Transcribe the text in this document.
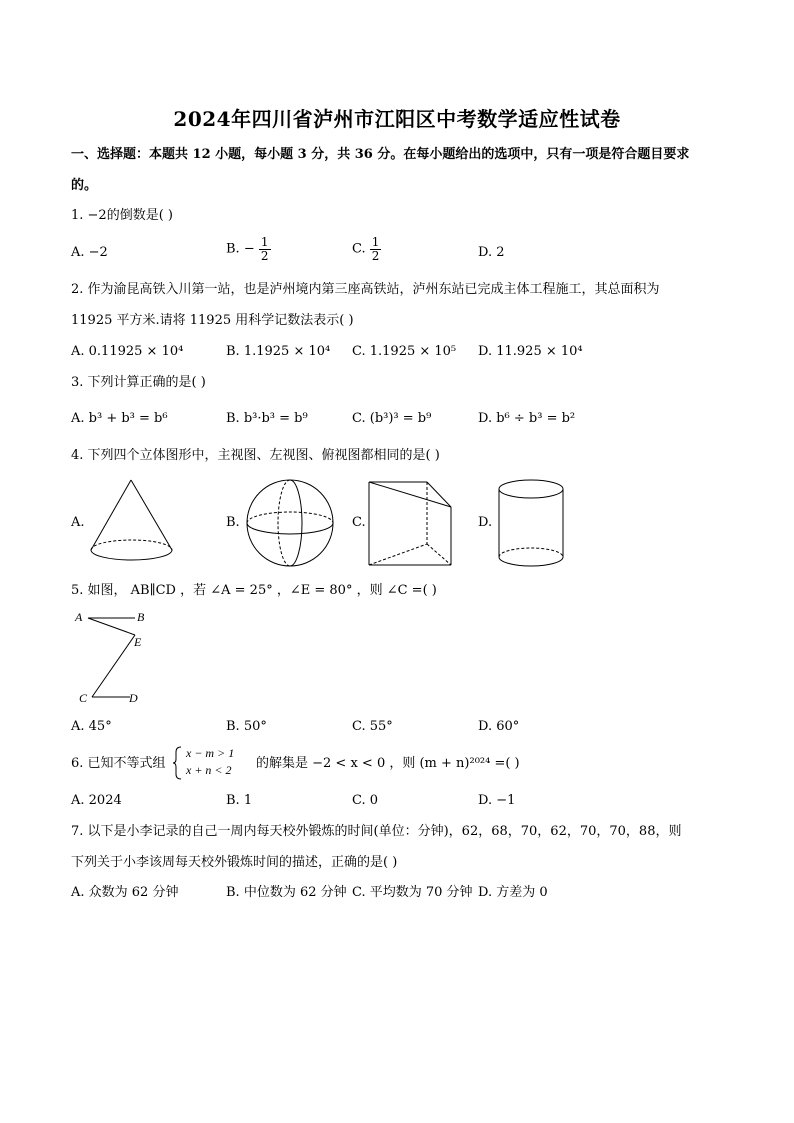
2024年四川省泸州市江阳区中考数学适应性试卷
一、选择题：本题共 12 小题，每小题 3 分，共 36 分。在每小题给出的选项中，只有一项是符合题目要求
的。
1. −2的倒数是( )
A. −2	B. − $\frac{1}{2}$	C. $\frac{1}{2}$	D. 2
2. 作为渝昆高铁入川第一站，也是泸州境内第三座高铁站，泸州东站已完成主体工程施工，其总面积为
11925 平方米.请将 11925 用科学记数法表示( )
A. 0.11925 × 10⁴	B. 1.1925 × 10⁴ C. 1.1925 × 10⁵ D. 11.925 × 10⁴
3. 下列计算正确的是( )
A. b³ + b³ = b⁶	B. b³·b³ = b⁹	C. (b³)³ = b⁹	D. b⁶ ÷ b³ = b²
4. 下列四个立体图形中，主视图、左视图、俯视图都相同的是( )
A.	B.	C.	D.
5. 如图， AB∥CD ，若 ∠A = 25° ，∠E = 80° ，则 ∠C =( )
A	B
E
C	D
A. 45°	B. 50°	C. 55°	D. 60°
6. 已知不等式组
x − m > 1
x + n < 2 的解集是 −2 < x < 0 ，则 (m + n)²⁰²⁴ =( )
A. 2024	B. 1	C. 0	D. −1
7. 以下是小李记录的自己一周内每天校外锻炼的时间(单位：分钟)，62，68，70，62，70，70，88，则
下列关于小李该周每天校外锻炼时间的描述，正确的是( )
A. 众数为 62 分钟	B. 中位数为 62 分钟 C. 平均数为 70 分钟 D. 方差为 0
